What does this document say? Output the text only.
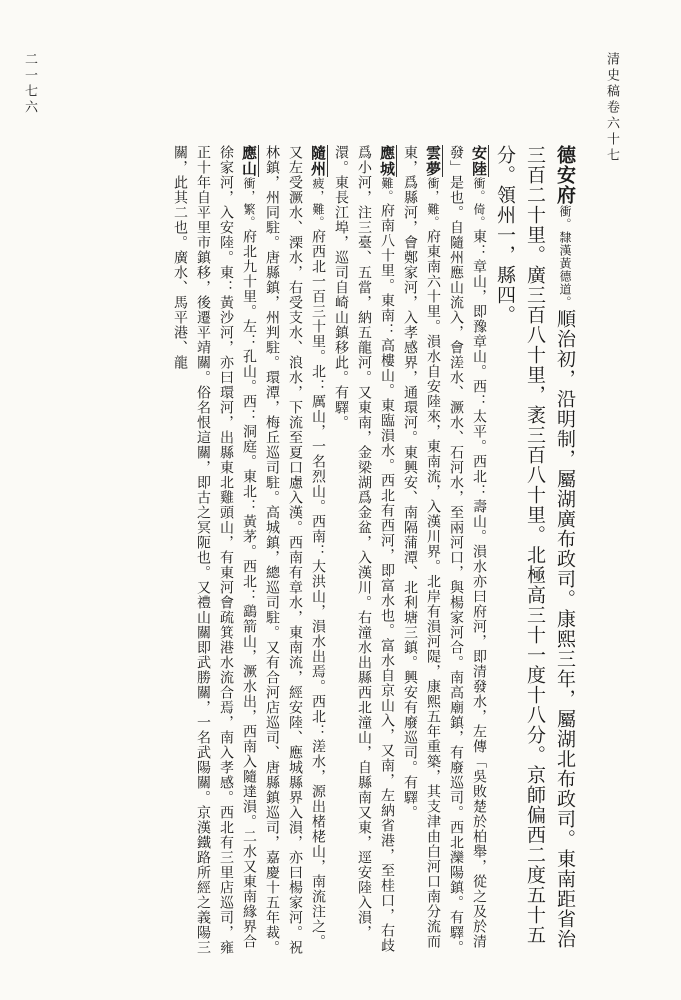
清史稿卷六十七
二一七六
德安府衝。隸漢黃德道。順治初，沿明制，屬湖廣布政司。康熙三年，屬湖北布政司。東南距省治三百二十里。廣三百八十里，袤三百八十里。北極高三十一度十八分。京師偏西二度五十五分。領州一，縣四。
安陸衝。倚。東：章山，即豫章山。西：太平。西北：壽山。溳水亦曰府河，即清發水，左傳「吳敗楚於柏舉，從之及於清發」是也。自隨州應山流入，會溠水、㵐水、石河水，至兩河口，與楊家河合。南高廟鎮，有廢巡司。西北灤陽鎮。有驛。
雲夢衝，難。府東南六十里。溳水自安陸來，東南流，入漢川界。北岸有溳河隄，康熙五年重築，其支津由白河口南分流而東，爲縣河，會鄭家河，入孝感界，通環河。東興安、南隔蒲潭、北利塘三鎮。興安有廢巡司。有驛。
應城難。府南八十里。東南：高樓山。東臨溳水。西北有西河，即富水也。富水自京山入，又南，左納省港，至桂口，右歧爲小河，注三臺、五當，納五龍河。又東南，金梁湖爲金盆，入漢川。右潼水出縣西北潼山，自縣南又東，逕安陸入溳，澴。東長江埠，巡司自崎山鎮移此。有驛。
隨州疲，難。府西北一百三十里。北：厲山，一名烈山。西南：大洪山，溳水出焉。西北：溠水，源出楮栳山，南流注之。又左受㵐水、溧水，右受支水、浪水，下流至夏口慮入漢。西南有章水，東南流，經安陸、應城縣界入溳，亦曰楊家河。祝林鎮，州同駐。唐縣鎮，州判駐。環潭，梅丘巡司駐。高城鎮，總巡司駐。又有合河店巡司、唐縣鎮巡司，嘉慶十五年裁。
應山衝，繁。府北九十里。左：孔山。西：洞庭。東北：黃茅。西北：鷂箭山，㵐水出，西南入隨達溳。二水又東南緣界合徐家河，入安陸。東：黃沙河，亦曰環河，出縣東北雞頭山，有東河會疏箕港水流合焉，南入孝感。西北有三里店巡司，雍正十年自平里市鎮移，後遷平靖關。俗名恨這關，即古之冥阨也。又禮山關即武勝關，一名武陽關。京漢鐵路所經之義陽三關，此其二也。廣水、馬平港、龍
